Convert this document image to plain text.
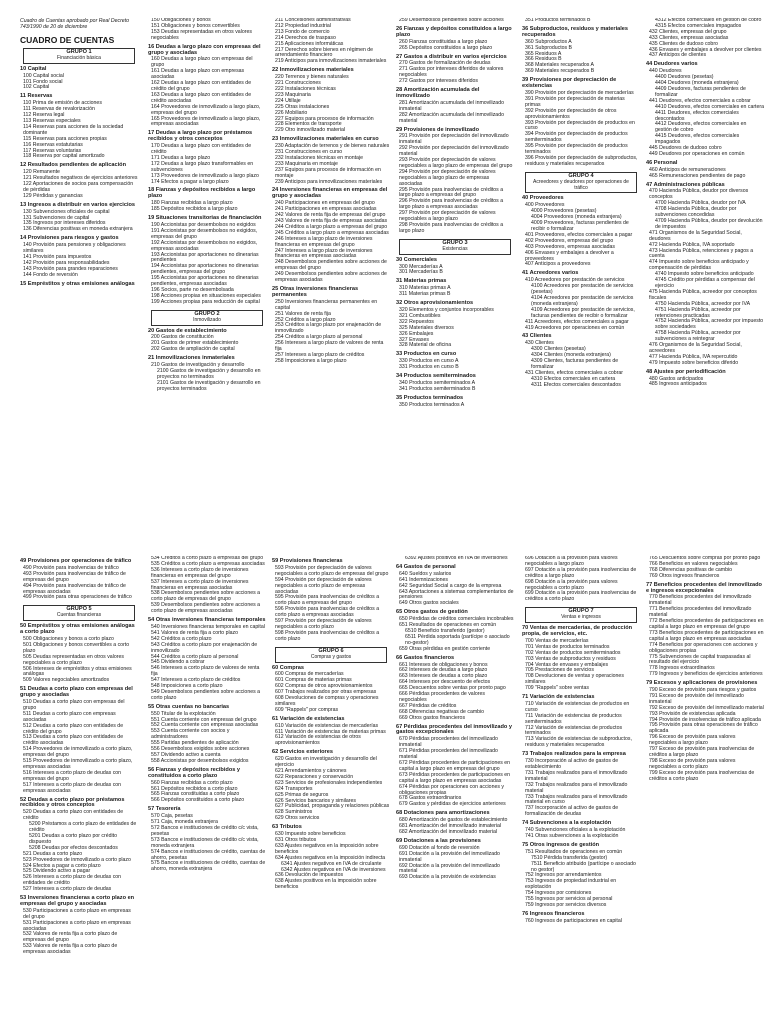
Cuadro de Cuentas aprobado por Real Decreto 743/1990 de 20 de diciembre
CUADRO DE CUENTAS
GRUPO 1
Financiación básica
10 Capital
100 Capital social
101 Fondo social
102 Capital
11 Reservas
110 Prima de emisión de acciones
111 Reservas de revalorización
112 Reserva legal
113 Reservas especiales
114 Reservas para acciones de la sociedad dominante
115 Reservas para acciones propias
116 Reservas estatutarias
117 Reservas voluntarias
118 Reserva por capital amortizado
12 Resultados pendientes de aplicación
120 Remanente
121 Resultados negativos de ejercicios anteriores
122 Aportaciones de socios para compensación de pérdidas
129 Pérdidas y ganancias
13 Ingresos a distribuir en varios ejercicios
130 Subvenciones oficiales de capital
131 Subvenciones de capital
135 Ingresos por intereses diferidos
136 Diferencias positivas en moneda extranjera
14 Provisiones para riesgos y gastos
140 Provisión para pensiones y obligaciones similares
141 Provisión para impuestos
142 Provisión para responsabilidades
143 Provisión para grandes reparaciones
144 Fondo de reversión
15 Empréstitos y otras emisiones análogas
150 Obligaciones y bonos
151 Obligaciones y bonos convertibles
153 Deudas representadas en otros valores negociables
16 Deudas a largo plazo con empresas del grupo y asociadas
160 Deudas a largo plazo con empresas del grupo
161 Deudas a largo plazo con empresas asociadas
162 Deudas a largo plazo con entidades de crédito del grupo
163 Deudas a largo plazo con entidades de crédito asociadas
164 Proveedores de inmovilizado a largo plazo, empresas del grupo
165 Proveedores de inmovilizado a largo plazo, empresas asociadas
17 Deudas a largo plazo por préstamos recibidos y otros conceptos
170 Deudas a largo plazo con entidades de crédito
171 Deudas a largo plazo
172 Deudas a largo plazo transformables en subvenciones
173 Proveedores de inmovilizado a largo plazo
174 Efectos a pagar a largo plazo
18 Fianzas y depósitos recibidos a largo plazo
180 Fianzas recibidas a largo plazo
185 Depósitos recibidos a largo plazo
19 Situaciones transitorias de financiación
190 Accionistas por desembolsos no exigidos
191 Accionistas por desembolsos no exigidos, empresas del grupo
192 Accionistas por desembolsos no exigidos, empresas asociadas
193 Accionistas por aportaciones no dinerarias pendientes
194 Accionistas por aportaciones no dinerarias pendientes, empresas del grupo
195 Accionistas por aportaciones no dinerarias pendientes, empresas asociadas
196 Socios, parte no desembolsada
198 Acciones propias en situaciones especiales
199 Acciones propias para reducción de capital
GRUPO 2
Inmovilizado
20 Gastos de establecimiento
200 Gastos de constitución
201 Gastos de primer establecimiento
202 Gastos de ampliación de capital
21 Inmovilizaciones inmateriales
210 Gastos de investigación y desarrollo
2100 Gastos de investigación y desarrollo en proyectos no terminados
2101 Gastos de investigación y desarrollo en proyectos terminados
211 Concesiones administrativas
212 Propiedad industrial
213 Fondo de comercio
214 Derechos de traspaso
215 Aplicaciones informáticas
217 Derechos sobre bienes en régimen de arrendamiento financiero
219 Anticipos para inmovilizaciones inmateriales
22 Inmovilizaciones materiales
220 Terrenos y bienes naturales
221 Construcciones
222 Instalaciones técnicas
223 Maquinaria
224 Utillaje
225 Otras instalaciones
226 Mobiliario
227 Equipos para procesos de información
228 Elementos de transporte
229 Otro inmovilizado material
23 Inmovilizaciones materiales en curso
230 Adaptación de terrenos y de bienes naturales
231 Construcciones en curso
232 Instalaciones técnicas en montaje
233 Maquinaria en montaje
237 Equipos para procesos de información en montaje
239 Anticipos para inmovilizaciones materiales
24 Inversiones financieras en empresas del grupo y asociadas
240 Participaciones en empresas del grupo
241 Participaciones en empresas asociadas
242 Valores de renta fija de empresas del grupo
243 Valores de renta fija de empresas asociadas
244 Créditos a largo plazo a empresas del grupo
245 Créditos a largo plazo a empresas asociadas
246 Intereses a largo plazo de inversiones financieras en empresas del grupo
247 Intereses a largo plazo de inversiones financieras en empresas asociadas
248 Desembolsos pendientes sobre acciones de empresas del grupo
249 Desembolsos pendientes sobre acciones de empresas asociadas
25 Otras inversiones financieras permanentes
250 Inversiones financieras permanentes en capital
251 Valores de renta fija
252 Créditos a largo plazo
253 Créditos a largo plazo por enajenación de inmovilizado
254 Créditos a largo plazo al personal
256 Intereses a largo plazo de valores de renta fija
257 Intereses a largo plazo de créditos
258 Imposiciones a largo plazo
259 Desembolsos pendientes sobre acciones
26 Fianzas y depósitos constituidos a largo plazo
260 Fianzas constituidas a largo plazo
265 Depósitos constituidos a largo plazo
27 Gastos a distribuir en varios ejercicios
270 Gastos de formalización de deudas
271 Gastos por intereses diferidos de valores negociables
272 Gastos por intereses diferidos
28 Amortización acumulada del inmovilizado
281 Amortización acumulada del inmovilizado inmaterial
282 Amortización acumulada del inmovilizado material
29 Provisiones de inmovilizado
291 Provisión por depreciación del inmovilizado inmaterial
292 Provisión por depreciación del inmovilizado material
293 Provisión por depreciación de valores negociables a largo plazo de empresas del grupo
294 Provisión por depreciación de valores negociables a largo plazo de empresas asociadas
295 Provisión para insolvencias de créditos a largo plazo a empresas del grupo
296 Provisión para insolvencias de créditos a largo plazo a empresas asociadas
297 Provisión por depreciación de valores negociables a largo plazo
298 Provisión para insolvencias de créditos a largo plazo
GRUPO 3
Existencias
30 Comerciales
300 Mercaderías A
301 Mercaderías B
31 Materias primas
310 Materias primas A
311 Materias primas B
32 Otros aprovisionamientos
320 Elementos y conjuntos incorporables
321 Combustibles
322 Repuestos
325 Materiales diversos
326 Embalajes
327 Envases
328 Material de oficina
33 Productos en curso
330 Productos en curso A
331 Productos en curso B
34 Productos semiterminados
340 Productos semiterminados A
341 Productos semiterminados B
35 Productos terminados
350 Productos terminados A
351 Productos terminados B
36 Subproductos, residuos y materiales recuperados
360 Subproductos A
361 Subproductos B
365 Residuos A
366 Residuos B
368 Materiales recuperados A
369 Materiales recuperados B
39 Provisiones por depreciación de existencias
390 Provisión por depreciación de mercaderías
391 Provisión por depreciación de materias primas
392 Provisión por depreciación de otros aprovisionamientos
393 Provisión por depreciación de productos en curso
394 Provisión por depreciación de productos semiterminados
395 Provisión por depreciación de productos terminados
396 Provisión por depreciación de subproductos, residuos y materiales recuperados
GRUPO 4
Acreedores y deudores por operaciones de tráfico
40 Proveedores
400 Proveedores
4000 Proveedores (pesetas)
4004 Proveedores (moneda extranjera)
4009 Proveedores, facturas pendientes de recibir o formalizar
401 Proveedores, efectos comerciales a pagar
402 Proveedores, empresas del grupo
403 Proveedores, empresas asociadas
406 Envases y embalajes a devolver a proveedores
407 Anticipos a proveedores
41 Acreedores varios
410 Acreedores por prestación de servicios
4100 Acreedores por prestación de servicios (pesetas)
4104 Acreedores por prestación de servicios (moneda extranjera)
4109 Acreedores por prestación de servicios, facturas pendientes de recibir o formalizar
411 Acreedores, efectos comerciales a pagar
419 Acreedores por operaciones en común
43 Clientes
430 Clientes
4300 Clientes (pesetas)
4304 Clientes (moneda extranjera)
4309 Clientes, facturas pendientes de formalizar
431 Clientes, efectos comerciales a cobrar
4310 Efectos comerciales en cartera
4311 Efectos comerciales descontados
4312 Efectos comerciales en gestión de cobro
4315 Efectos comerciales impagados
432 Clientes, empresas del grupo
433 Clientes, empresas asociadas
435 Clientes de dudoso cobro
436 Envases y embalajes a devolver por clientes
437 Anticipos de clientes
44 Deudores varios
440 Deudores
4400 Deudores (pesetas)
4404 Deudores (moneda extranjera)
4409 Deudores, facturas pendientes de formalizar
441 Deudores, efectos comerciales a cobrar
4410 Deudores, efectos comerciales en cartera
4411 Deudores, efectos comerciales descontados
4412 Deudores, efectos comerciales en gestión de cobro
4415 Deudores, efectos comerciales impagados
445 Deudores de dudoso cobro
449 Deudores por operaciones en común
46 Personal
460 Anticipos de remuneraciones
465 Remuneraciones pendientes de pago
47 Administraciones públicas
470 Hacienda Pública, deudor por diversos conceptos
4700 Hacienda Pública, deudor por IVA
4708 Hacienda Pública, deudor por subvenciones concedidas
4709 Hacienda Pública, deudor por devolución de impuestos
471 Organismos de la Seguridad Social, deudores
472 Hacienda Pública, IVA soportado
473 Hacienda Pública, retenciones y pagos a cuenta
474 Impuesto sobre beneficios anticipado y compensación de pérdidas
4740 Impuesto sobre beneficios anticipado
4745 Crédito por pérdidas a compensar del ejercicio
475 Hacienda Pública, acreedor por conceptos fiscales
4750 Hacienda Pública, acreedor por IVA
4751 Hacienda Pública, acreedor por retenciones practicadas
4752 Hacienda Pública, acreedor por impuesto sobre sociedades
4758 Hacienda Pública, acreedor por subvenciones a reintegrar
476 Organismos de la Seguridad Social, acreedores
477 Hacienda Pública, IVA repercutido
479 Impuesto sobre beneficios diferido
48 Ajustes por periodificación
480 Gastos anticipados
485 Ingresos anticipados
49 Provisiones por operaciones de tráfico
490 Provisión para insolvencias de tráfico
493 Provisión para insolvencias de tráfico de empresas del grupo
494 Provisión para insolvencias de tráfico de empresas asociadas
499 Provisión para otras operaciones de tráfico
GRUPO 5
Cuentas financieras
50 Empréstitos y otras emisiones análogas a corto plazo
500 Obligaciones y bonos a corto plazo
501 Obligaciones y bonos convertibles a corto plazo
505 Deudas representadas en otros valores negociables a corto plazo
506 Intereses de empréstitos y otras emisiones análogas
509 Valores negociables amortizados
51 Deudas a corto plazo con empresas del grupo y asociadas
510 Deudas a corto plazo con empresas del grupo
511 Deudas a corto plazo con empresas asociadas
512 Deudas a corto plazo con entidades de crédito del grupo
513 Deudas a corto plazo con entidades de crédito asociadas
514 Proveedores de inmovilizado a corto plazo, empresas del grupo
515 Proveedores de inmovilizado a corto plazo, empresas asociadas
516 Intereses a corto plazo de deudas con empresas del grupo
517 Intereses a corto plazo de deudas con empresas asociadas
52 Deudas a corto plazo por préstamos recibidos y otros conceptos
520 Deudas a corto plazo con entidades de crédito
5200 Préstamos a corto plazo de entidades de crédito
5201 Deudas a corto plazo por crédito dispuesto
5208 Deudas por efectos descontados
521 Deudas a corto plazo
523 Proveedores de inmovilizado a corto plazo
524 Efectos a pagar a corto plazo
525 Dividendo activo a pagar
526 Intereses a corto plazo de deudas con entidades de crédito
527 Intereses a corto plazo de deudas
53 Inversiones financieras a corto plazo en empresas del grupo y asociadas
530 Participaciones a corto plazo en empresas del grupo
531 Participaciones a corto plazo en empresas asociadas
532 Valores de renta fija a corto plazo de empresas del grupo
533 Valores de renta fija a corto plazo de empresas asociadas
534 Créditos a corto plazo a empresas del grupo
535 Créditos a corto plazo a empresas asociadas
536 Intereses a corto plazo de inversiones financieras en empresas del grupo
537 Intereses a corto plazo de inversiones financieras en empresas asociadas
538 Desembolsos pendientes sobre acciones a corto plazo de empresas del grupo
539 Desembolsos pendientes sobre acciones a corto plazo de empresas asociadas
54 Otras inversiones financieras temporales
540 Inversiones financieras temporales en capital
541 Valores de renta fija a corto plazo
542 Créditos a corto plazo
543 Créditos a corto plazo por enajenación de inmovilizado
544 Créditos a corto plazo al personal
545 Dividendo a cobrar
546 Intereses a corto plazo de valores de renta fija
547 Intereses a corto plazo de créditos
548 Imposiciones a corto plazo
549 Desembolsos pendientes sobre acciones a corto plazo
55 Otras cuentas no bancarias
550 Titular de la explotación
551 Cuenta corriente con empresas del grupo
552 Cuenta corriente con empresas asociadas
553 Cuenta corriente con socios y administradores
555 Partidas pendientes de aplicación
556 Desembolsos exigidos sobre acciones
557 Dividendo activo a cuenta
558 Accionistas por desembolsos exigidos
56 Fianzas y depósitos recibidos y constituidos a corto plazo
560 Fianzas recibidas a corto plazo
561 Depósitos recibidos a corto plazo
565 Fianzas constituidas a corto plazo
566 Depósitos constituidos a corto plazo
57 Tesorería
570 Caja, pesetas
571 Caja, moneda extranjera
572 Bancos e instituciones de crédito c/c vista, pesetas
573 Bancos e instituciones de crédito c/c vista, moneda extranjera
574 Bancos e instituciones de crédito, cuentas de ahorro, pesetas
575 Bancos e instituciones de crédito, cuentas de ahorro, moneda extranjera
59 Provisiones financieras
593 Provisión por depreciación de valores negociables a corto plazo de empresas del grupo
594 Provisión por depreciación de valores negociables a corto plazo de empresas asociadas
595 Provisión para insolvencias de créditos a corto plazo a empresas del grupo
596 Provisión para insolvencias de créditos a corto plazo a empresas asociadas
597 Provisión por depreciación de valores negociables a corto plazo
598 Provisión para insolvencias de créditos a corto plazo
GRUPO 6
Compras y gastos
60 Compras
600 Compras de mercaderías
601 Compras de materias primas
602 Compras de otros aprovisionamientos
607 Trabajos realizados por otras empresas
608 Devoluciones de compras y operaciones similares
609 "Rappels" por compras
61 Variación de existencias
610 Variación de existencias de mercaderías
611 Variación de existencias de materias primas
612 Variación de existencias de otros aprovisionamientos
62 Servicios exteriores
620 Gastos en investigación y desarrollo del ejercicio
621 Arrendamientos y cánones
622 Reparaciones y conservación
623 Servicios de profesionales independientes
624 Transportes
625 Primas de seguros
626 Servicios bancarios y similares
627 Publicidad, propaganda y relaciones públicas
628 Suministros
629 Otros servicios
63 Tributos
630 Impuesto sobre beneficios
631 Otros tributos
633 Ajustes negativos en la imposición sobre beneficios
634 Ajustes negativos en la imposición indirecta
6341 Ajustes negativos en IVA de circulante
6342 Ajustes negativos en IVA de inversiones
636 Devolución de impuestos
638 Ajustes positivos en la imposición sobre beneficios
6392 Ajustes positivos en IVA de inversiones
64 Gastos de personal
640 Sueldos y salarios
641 Indemnizaciones
642 Seguridad Social a cargo de la empresa
643 Aportaciones a sistemas complementarios de pensiones
649 Otros gastos sociales
65 Otros gastos de gestión
650 Pérdidas de créditos comerciales incobrables
651 Resultados de operaciones en común
6510 Beneficio transferido (gestor)
6511 Pérdida soportada (partícipe o asociado no-gestor)
659 Otras pérdidas en gestión corriente
66 Gastos financieros
661 Intereses de obligaciones y bonos
662 Intereses de deudas a largo plazo
663 Intereses de deudas a corto plazo
664 Intereses por descuento de efectos
665 Descuentos sobre ventas por pronto pago
666 Pérdidas procedentes de valores negociables
667 Pérdidas de créditos
668 Diferencias negativas de cambio
669 Otros gastos financieros
67 Pérdidas procedentes del inmovilizado y gastos excepcionales
670 Pérdidas procedentes del inmovilizado inmaterial
671 Pérdidas procedentes del inmovilizado material
672 Pérdidas procedentes de participaciones en capital a largo plazo en empresas del grupo
673 Pérdidas procedentes de participaciones en capital a largo plazo en empresas asociadas
674 Pérdidas por operaciones con acciones y obligaciones propias
678 Gastos extraordinarios
679 Gastos y pérdidas de ejercicios anteriores
68 Dotaciones para amortizaciones
680 Amortización de gastos de establecimiento
681 Amortización del inmovilizado inmaterial
682 Amortización del inmovilizado material
69 Dotaciones a las provisiones
690 Dotación al fondo de reversión
691 Dotación a la provisión del inmovilizado inmaterial
692 Dotación a la provisión del inmovilizado material
693 Dotación a la provisión de existencias
696 Dotación a la provisión para valores negociables a largo plazo
697 Dotación a la provisión para insolvencias de créditos a largo plazo
698 Dotación a la provisión para valores negociables a corto plazo
699 Dotación a la provisión para insolvencias de créditos a corto plazo
GRUPO 7
Ventas e ingresos
70 Ventas de mercaderías, de producción propia, de servicios, etc.
700 Ventas de mercaderías
701 Ventas de productos terminados
702 Ventas de productos semiterminados
703 Ventas de subproductos y residuos
704 Ventas de envases y embalajes
705 Prestaciones de servicios
708 Devoluciones de ventas y operaciones similares
709 "Rappels" sobre ventas
71 Variación de existencias
710 Variación de existencias de productos en curso
711 Variación de existencias de productos semiterminados
712 Variación de existencias de productos terminados
713 Variación de existencias de subproductos, residuos y materiales recuperados
73 Trabajos realizados para la empresa
730 Incorporación al activo de gastos de establecimiento
731 Trabajos realizados para el inmovilizado inmaterial
732 Trabajos realizados para el inmovilizado material
733 Trabajos realizados para el inmovilizado material en curso
737 Incorporación al activo de gastos de formalización de deudas
74 Subvenciones a la explotación
740 Subvenciones oficiales a la explotación
741 Otras subvenciones a la explotación
75 Otros ingresos de gestión
751 Resultados de operaciones en común
7510 Pérdida transferida (gestor)
7511 Beneficio atribuido (partícipe o asociado no gestor)
752 Ingresos por arrendamientos
753 Ingresos de propiedad industrial en explotación
754 Ingresos por comisiones
755 Ingresos por servicios al personal
759 Ingresos por servicios diversos
76 Ingresos financieros
760 Ingresos de participaciones en capital
765 Descuentos sobre compras por pronto pago
766 Beneficios en valores negociables
768 Diferencias positivas de cambio
769 Otros ingresos financieros
77 Beneficios procedentes del inmovilizado e ingresos excepcionales
770 Beneficios procedentes del inmovilizado inmaterial
771 Beneficios procedentes del inmovilizado material
772 Beneficios procedentes de participaciones en capital a largo plazo en empresas del grupo
773 Beneficios procedentes de participaciones en capital a largo plazo en empresas asociadas
774 Beneficios por operaciones con acciones y obligaciones propias
775 Subvenciones de capital traspasadas al resultado del ejercicio
778 Ingresos extraordinarios
779 Ingresos y beneficios de ejercicios anteriores
79 Excesos y aplicaciones de provisiones
790 Exceso de provisión para riesgos y gastos
791 Exceso de provisión del inmovilizado inmaterial
792 Exceso de provisión del inmovilizado material
793 Provisión de existencias aplicada
794 Provisión de insolvencias de tráfico aplicada
795 Provisión para otras operaciones de tráfico aplicada
796 Exceso de provisión para valores negociables a largo plazo
797 Exceso de provisión para insolvencias de créditos a largo plazo
798 Exceso de provisión para valores negociables a corto plazo
799 Exceso de provisión para insolvencias de créditos a corto plazo
